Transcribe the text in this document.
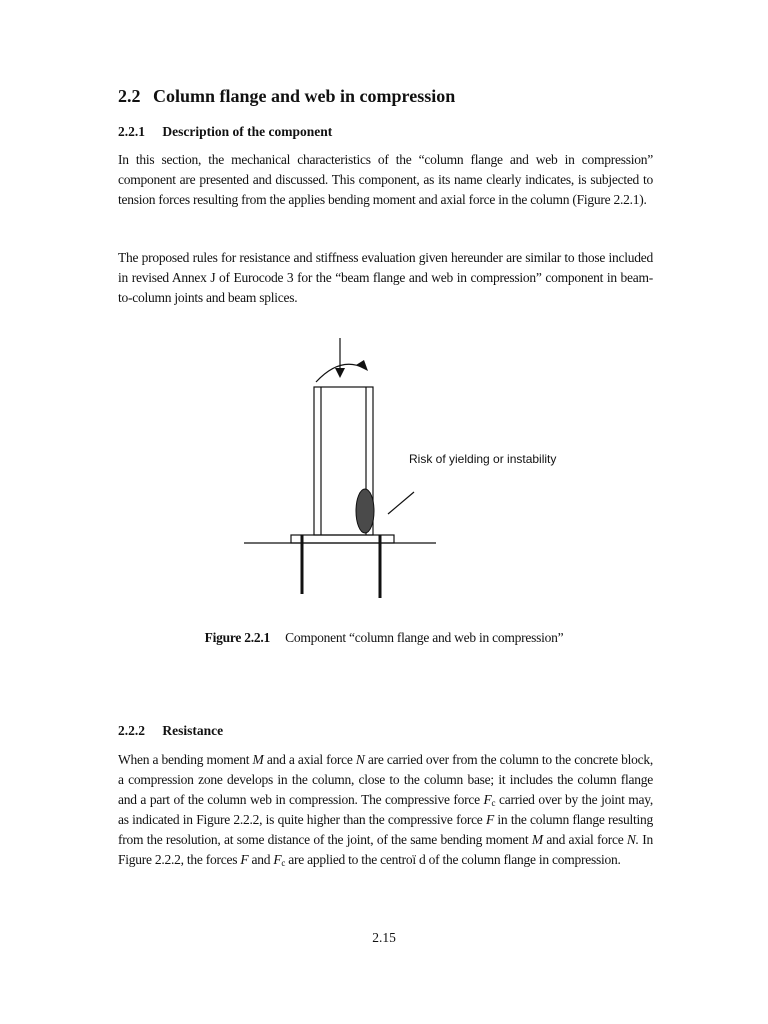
2.2 Column flange and web in compression
2.2.1 Description of the component

In this section, the mechanical characteristics of the “column flange and web in compression” component are presented and discussed. This component, as its name clearly indicates, is subjected to tension forces resulting from the applies bending moment and axial force in the column (Figure 2.2.1).

The proposed rules for resistance and stiffness evaluation given hereunder are similar to those included in revised Annex J of Eurocode 3 for the “beam flange and web in compression” component in beam-to-column joints and beam splices.

Risk of yielding or instability
Figure 2.2.1 Component “column flange and web in compression”
2.2.2 Resistance

When a bending moment M and a axial force N are carried over from the column to the concrete block, a compression zone develops in the column, close to the column base; it includes the column flange and a part of the column web in compression. The compressive force $F_c$ carried over by the joint may, as indicated in Figure 2.2.2, is quite higher than the compressive force F in the column flange resulting from the resolution, at some distance of the joint, of the same bending moment M and axial force N. In Figure 2.2.2, the forces F and $F_c$ are applied to the centroï d of the column flange in compression.

2.15
